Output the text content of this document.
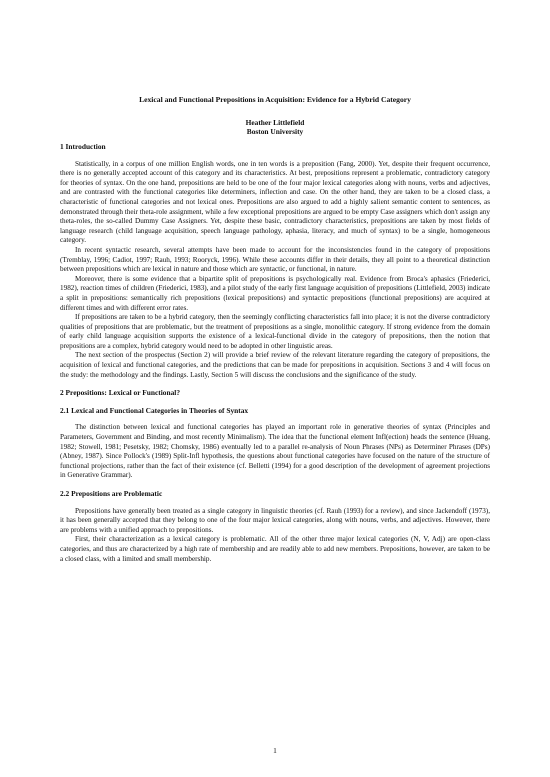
Lexical and Functional Prepositions in Acquisition: Evidence for a Hybrid Category
Heather Littlefield
Boston University
1 Introduction

Statistically, in a corpus of one million English words, one in ten words is a preposition (Fang, 2000). Yet, despite their frequent occurrence, there is no generally accepted account of this category and its characteristics. At best, prepositions represent a problematic, contradictory category for theories of syntax. On the one hand, prepositions are held to be one of the four major lexical categories along with nouns, verbs and adjectives, and are contrasted with the functional categories like determiners, inflection and case. On the other hand, they are taken to be a closed class, a characteristic of functional categories and not lexical ones. Prepositions are also argued to add a highly salient semantic content to sentences, as demonstrated through their theta-role assignment, while a few exceptional prepositions are argued to be empty Case assigners which don't assign any theta-roles, the so-called Dummy Case Assigners. Yet, despite these basic, contradictory characteristics, prepositions are taken by most fields of language research (child language acquisition, speech language pathology, aphasia, literacy, and much of syntax) to be a single, homogeneous category.

In recent syntactic research, several attempts have been made to account for the inconsistencies found in the category of prepositions (Tremblay, 1996; Cadiot, 1997; Rauh, 1993; Rooryck, 1996). While these accounts differ in their details, they all point to a theoretical distinction between prepositions which are lexical in nature and those which are syntactic, or functional, in nature.

Moreover, there is some evidence that a bipartite split of prepositions is psychologically real. Evidence from Broca's aphasics (Friederici, 1982), reaction times of children (Friederici, 1983), and a pilot study of the early first language acquisition of prepositions (Littlefield, 2003) indicate a split in prepositions: semantically rich prepositions (lexical prepositions) and syntactic prepositions (functional prepositions) are acquired at different times and with different error rates.

If prepositions are taken to be a hybrid category, then the seemingly conflicting characteristics fall into place; it is not the diverse contradictory qualities of prepositions that are problematic, but the treatment of prepositions as a single, monolithic category. If strong evidence from the domain of early child language acquisition supports the existence of a lexical-functional divide in the category of prepositions, then the notion that prepositions are a complex, hybrid category would need to be adopted in other linguistic areas.

The next section of the prospectus (Section 2) will provide a brief review of the relevant literature regarding the category of prepositions, the acquisition of lexical and functional categories, and the predictions that can be made for prepositions in acquisition. Sections 3 and 4 will focus on the study: the methodology and the findings. Lastly, Section 5 will discuss the conclusions and the significance of the study.

2 Prepositions: Lexical or Functional?
2.1 Lexical and Functional Categories in Theories of Syntax

The distinction between lexical and functional categories has played an important role in generative theories of syntax (Principles and Parameters, Government and Binding, and most recently Minimalism). The idea that the functional element Infl(ection) heads the sentence (Huang, 1982; Stowell, 1981; Pesetsky, 1982; Chomsky, 1986) eventually led to a parallel re-analysis of Noun Phrases (NPs) as Determiner Phrases (DPs) (Abney, 1987). Since Pollock's (1989) Split-Infl hypothesis, the questions about functional categories have focused on the nature of the structure of functional projections, rather than the fact of their existence (cf. Belletti (1994) for a good description of the development of agreement projections in Generative Grammar).

2.2 Prepositions are Problematic

Prepositions have generally been treated as a single category in linguistic theories (cf. Rauh (1993) for a review), and since Jackendoff (1973), it has been generally accepted that they belong to one of the four major lexical categories, along with nouns, verbs, and adjectives. However, there are problems with a unified approach to prepositions.

First, their characterization as a lexical category is problematic. All of the other three major lexical categories (N, V, Adj) are open-class categories, and thus are characterized by a high rate of membership and are readily able to add new members. Prepositions, however, are taken to be a closed class, with a limited and small membership.

1
